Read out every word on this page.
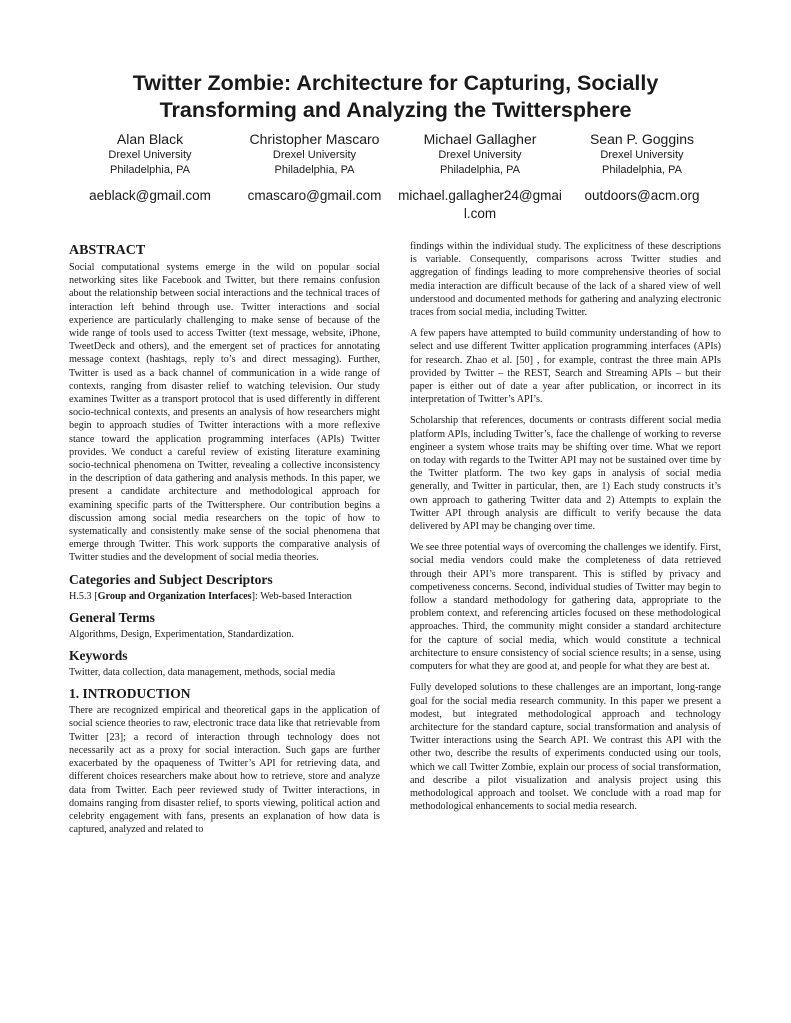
Twitter Zombie: Architecture for Capturing, Socially
Transforming and Analyzing the Twittersphere
Alan Black
Drexel University
Philadelphia, PA
aeblack@gmail.com
Christopher Mascaro
Drexel University
Philadelphia, PA
cmascaro@gmail.com
Michael Gallagher
Drexel University
Philadelphia, PA
michael.gallagher24@gmail.com
Sean P. Goggins
Drexel University
Philadelphia, PA
outdoors@acm.org
ABSTRACT

Social computational systems emerge in the wild on popular social networking sites like Facebook and Twitter, but there remains confusion about the relationship between social interactions and the technical traces of interaction left behind through use. Twitter interactions and social experience are particularly challenging to make sense of because of the wide range of tools used to access Twitter (text message, website, iPhone, TweetDeck and others), and the emergent set of practices for annotating message context (hashtags, reply to’s and direct messaging). Further, Twitter is used as a back channel of communication in a wide range of contexts, ranging from disaster relief to watching television. Our study examines Twitter as a transport protocol that is used differently in different socio-technical contexts, and presents an analysis of how researchers might begin to approach studies of Twitter interactions with a more reflexive stance toward the application programming interfaces (APIs) Twitter provides. We conduct a careful review of existing literature examining socio-technical phenomena on Twitter, revealing a collective inconsistency in the description of data gathering and analysis methods. In this paper, we present a candidate architecture and methodological approach for examining specific parts of the Twittersphere. Our contribution begins a discussion among social media researchers on the topic of how to systematically and consistently make sense of the social phenomena that emerge through Twitter. This work supports the comparative analysis of Twitter studies and the development of social media theories.

Categories and Subject Descriptors

H.5.3 [Group and Organization Interfaces]: Web-based Interaction

General Terms

Algorithms, Design, Experimentation, Standardization.

Keywords

Twitter, data collection, data management, methods, social media

1. INTRODUCTION

There are recognized empirical and theoretical gaps in the application of social science theories to raw, electronic trace data like that retrievable from Twitter [23]; a record of interaction through technology does not necessarily act as a proxy for social interaction. Such gaps are further exacerbated by the opaqueness of Twitter’s API for retrieving data, and different choices researchers make about how to retrieve, store and analyze data from Twitter. Each peer reviewed study of Twitter interactions, in domains ranging from disaster relief, to sports viewing, political action and celebrity engagement with fans, presents an explanation of how data is captured, analyzed and related to

findings within the individual study. The explicitness of these descriptions is variable. Consequently, comparisons across Twitter studies and aggregation of findings leading to more comprehensive theories of social media interaction are difficult because of the lack of a shared view of well understood and documented methods for gathering and analyzing electronic traces from social media, including Twitter.

A few papers have attempted to build community understanding of how to select and use different Twitter application programming interfaces (APIs) for research. Zhao et al. [50] , for example, contrast the three main APIs provided by Twitter – the REST, Search and Streaming APIs – but their paper is either out of date a year after publication, or incorrect in its interpretation of Twitter’s API’s.

Scholarship that references, documents or contrasts different social media platform APIs, including Twitter’s, face the challenge of working to reverse engineer a system whose traits may be shifting over time. What we report on today with regards to the Twitter API may not be sustained over time by the Twitter platform. The two key gaps in analysis of social media generally, and Twitter in particular, then, are 1) Each study constructs it’s own approach to gathering Twitter data and 2) Attempts to explain the Twitter API through analysis are difficult to verify because the data delivered by API may be changing over time.

We see three potential ways of overcoming the challenges we identify. First, social media vendors could make the completeness of data retrieved through their API’s more transparent. This is stifled by privacy and competiveness concerns. Second, individual studies of Twitter may begin to follow a standard methodology for gathering data, appropriate to the problem context, and referencing articles focused on these methodological approaches. Third, the community might consider a standard architecture for the capture of social media, which would constitute a technical architecture to ensure consistency of social science results; in a sense, using computers for what they are good at, and people for what they are best at.

Fully developed solutions to these challenges are an important, long-range goal for the social media research community. In this paper we present a modest, but integrated methodological approach and technology architecture for the standard capture, social transformation and analysis of Twitter interactions using the Search API. We contrast this API with the other two, describe the results of experiments conducted using our tools, which we call Twitter Zombie, explain our process of social transformation, and describe a pilot visualization and analysis project using this methodological approach and toolset. We conclude with a road map for methodological enhancements to social media research.
